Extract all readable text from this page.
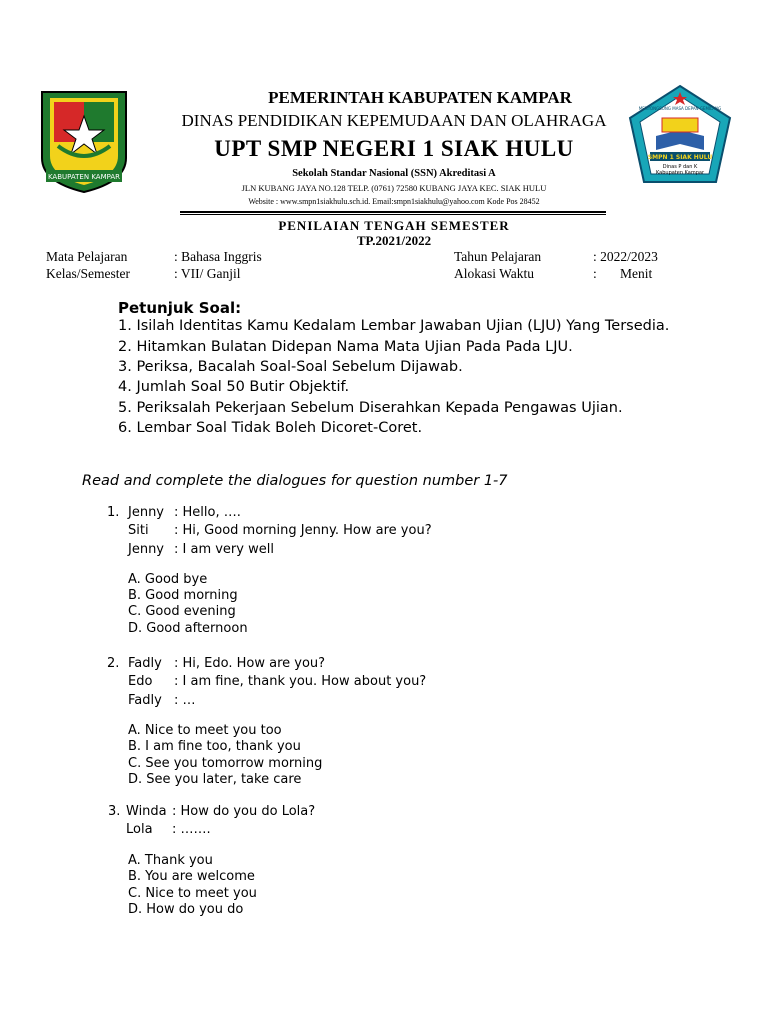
KABUPATEN KAMPAR
SMPN 1 SIAK HULU
Dinas P dan K
Kabupaten Kampar
MENYONGSONG MASA DEPAN GEMILANG
PEMERINTAH KABUPATEN KAMPAR
DINAS PENDIDIKAN KEPEMUDAAN DAN OLAHRAGA
UPT SMP NEGERI 1 SIAK HULU
Sekolah Standar Nasional (SSN) Akreditasi A
JLN KUBANG JAYA NO.128 TELP. (0761) 72580 KUBANG JAYA KEC. SIAK HULU
Website : www.smpn1siakhulu.sch.id. Email:smpn1siakhulu@yahoo.com Kode Pos 28452
PENILAIAN TENGAH SEMESTER
TP.2021/2022
Mata Pelajaran	: Bahasa Inggris
Kelas/Semester	: VII/ Ganjil
Tahun Pelajaran	: 2022/2023
Alokasi Waktu	: Menit
Petunjuk Soal:
1. Isilah Identitas Kamu Kedalam Lembar Jawaban Ujian (LJU) Yang Tersedia.
2. Hitamkan Bulatan Didepan Nama Mata Ujian Pada Pada LJU.
3. Periksa, Bacalah Soal-Soal Sebelum Dijawab.
4. Jumlah Soal 50 Butir Objektif.
5. Periksalah Pekerjaan Sebelum Diserahkan Kepada Pengawas Ujian.
6. Lembar Soal Tidak Boleh Dicoret-Coret.
Read and complete the dialogues for question number 1-7
1. Jenny : Hello, ….
Siti : Hi, Good morning Jenny. How are you?
Jenny : I am very well
A. Good bye
B. Good morning
C. Good evening
D. Good afternoon
2. Fadly : Hi, Edo. How are you?
Edo : I am fine, thank you. How about you?
Fadly : …
A. Nice to meet you too
B. I am fine too, thank you
C. See you tomorrow morning
D. See you later, take care
3. Winda : How do you do Lola?
Lola : …….
A. Thank you
B. You are welcome
C. Nice to meet you
D. How do you do
